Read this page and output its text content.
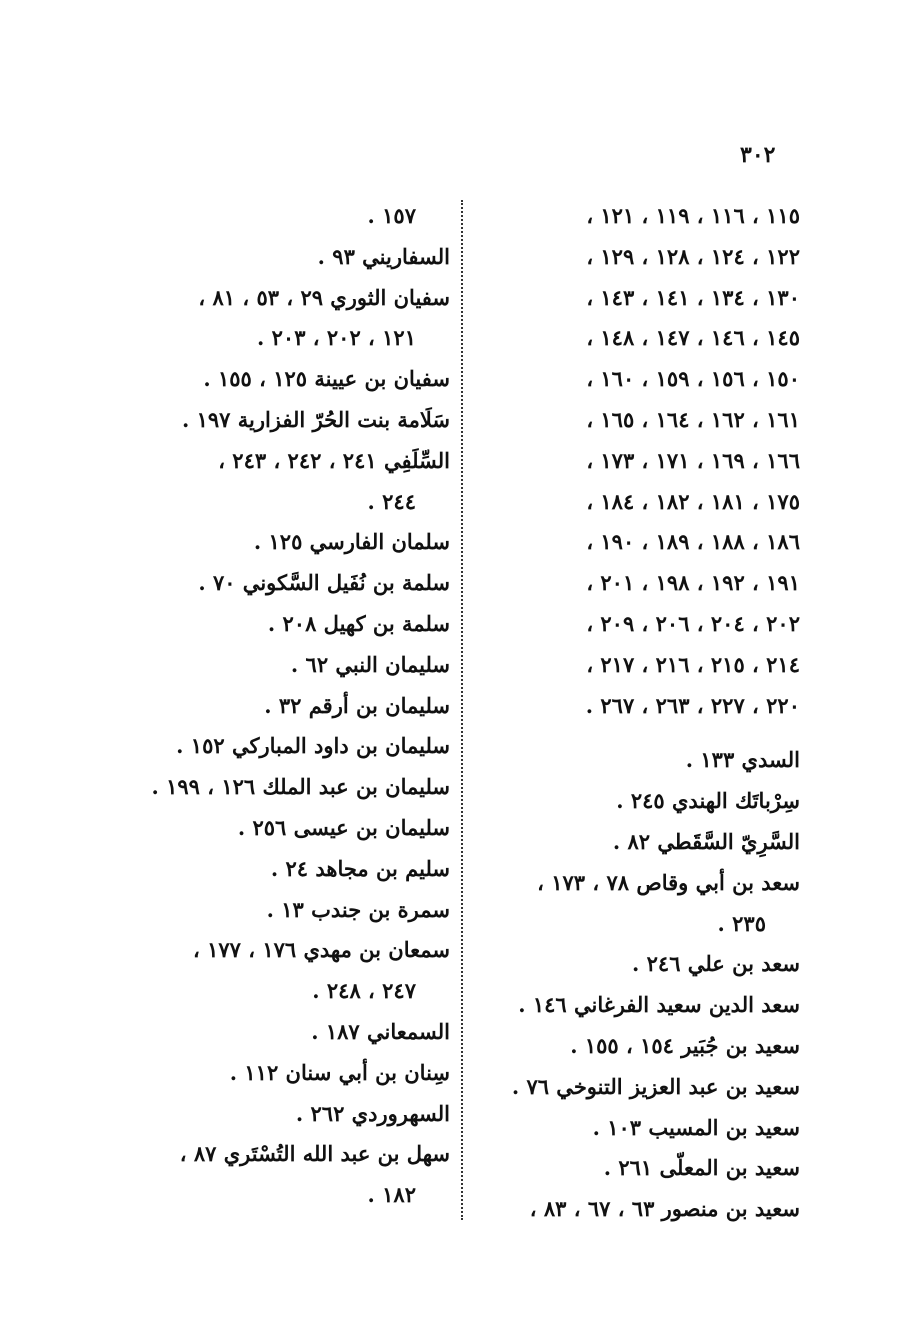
٣٠٢
١١٥ ، ١١٦ ، ١١٩ ، ١٢١ ،
١٢٢ ، ١٢٤ ، ١٢٨ ، ١٢٩ ،
١٣٠ ، ١٣٤ ، ١٤١ ، ١٤٣ ،
١٤٥ ، ١٤٦ ، ١٤٧ ، ١٤٨ ،
١٥٠ ، ١٥٦ ، ١٥٩ ، ١٦٠ ،
١٦١ ، ١٦٢ ، ١٦٤ ، ١٦٥ ،
١٦٦ ، ١٦٩ ، ١٧١ ، ١٧٣ ،
١٧٥ ، ١٨١ ، ١٨٢ ، ١٨٤ ،
١٨٦ ، ١٨٨ ، ١٨٩ ، ١٩٠ ،
١٩١ ، ١٩٢ ، ١٩٨ ، ٢٠١ ،
٢٠٢ ، ٢٠٤ ، ٢٠٦ ، ٢٠٩ ،
٢١٤ ، ٢١٥ ، ٢١٦ ، ٢١٧ ،
٢٢٠ ، ٢٢٧ ، ٢٦٣ ، ٢٦٧ .
السدي ١٣٣ .
سِرْباتَك الهندي ٢٤٥ .
السَّرِيّ السَّقَطي ٨٢ .
سعد بن أبي وقاص ٧٨ ، ١٧٣ ،
٢٣٥ .
سعد بن علي ٢٤٦ .
سعد الدين سعيد الفرغاني ١٤٦ .
سعيد بن جُبَير ١٥٤ ، ١٥٥ .
سعيد بن عبد العزيز التنوخي ٧٦ .
سعيد بن المسيب ١٠٣ .
سعيد بن المعلّى ٢٦١ .
سعيد بن منصور ٦٣ ، ٦٧ ، ٨٣ ،
١٥٧ .
السفاريني ٩٣ .
سفيان الثوري ٢٩ ، ٥٣ ، ٨١ ،
١٢١ ، ٢٠٢ ، ٢٠٣ .
سفيان بن عيينة ١٢٥ ، ١٥٥ .
سَلَامة بنت الحُرّ الفزارية ١٩٧ .
السِّلَفِي ٢٤١ ، ٢٤٢ ، ٢٤٣ ،
٢٤٤ .
سلمان الفارسي ١٢٥ .
سلمة بن نُفَيل السَّكوني ٧٠ .
سلمة بن كهيل ٢٠٨ .
سليمان النبي ٦٢ .
سليمان بن أرقم ٣٢ .
سليمان بن داود المباركي ١٥٢ .
سليمان بن عبد الملك ١٢٦ ، ١٩٩ .
سليمان بن عيسى ٢٥٦ .
سليم بن مجاهد ٢٤ .
سمرة بن جندب ١٣ .
سمعان بن مهدي ١٧٦ ، ١٧٧ ،
٢٤٧ ، ٢٤٨ .
السمعاني ١٨٧ .
سِنان بن أبي سنان ١١٢ .
السهروردي ٢٦٢ .
سهل بن عبد الله التُسْتَري ٨٧ ،
١٨٢ .
